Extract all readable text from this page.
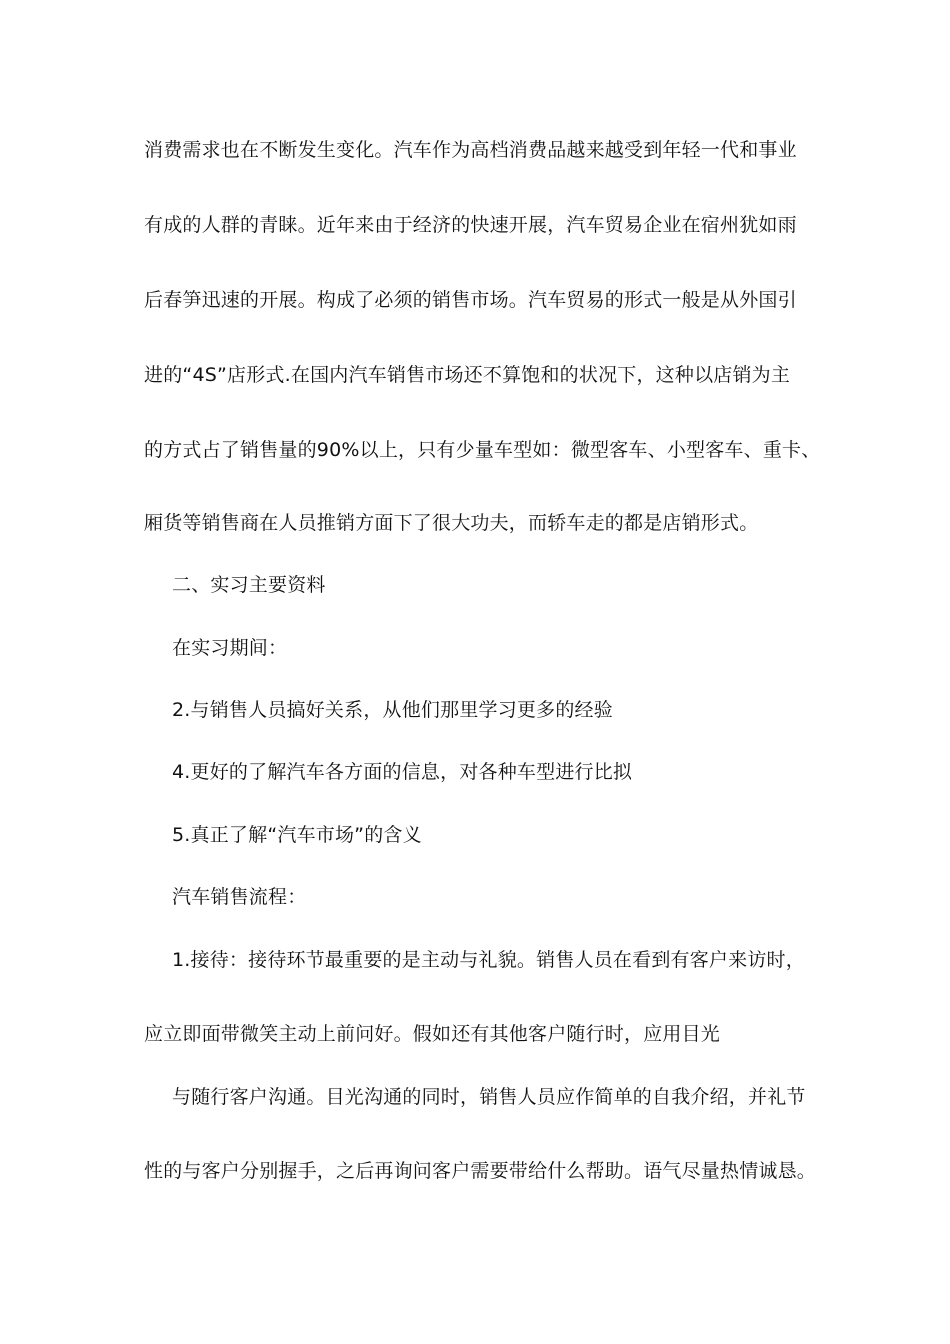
消费需求也在不断发生变化。汽车作为高档消费品越来越受到年轻一代和事业
有成的人群的青睐。近年来由于经济的快速开展，汽车贸易企业在宿州犹如雨
后春笋迅速的开展。构成了必须的销售市场。汽车贸易的形式一般是从外国引
进的“4S”店形式.在国内汽车销售市场还不算饱和的状况下，这种以店销为主
的方式占了销售量的90%以上，只有少量车型如：微型客车、小型客车、重卡、
厢货等销售商在人员推销方面下了很大功夫，而轿车走的都是店销形式。
二、实习主要资料
在实习期间：
2.与销售人员搞好关系，从他们那里学习更多的经验
4.更好的了解汽车各方面的信息，对各种车型进行比拟
5.真正了解“汽车市场”的含义
汽车销售流程：
1.接待：接待环节最重要的是主动与礼貌。销售人员在看到有客户来访时，
应立即面带微笑主动上前问好。假如还有其他客户随行时，应用目光
与随行客户沟通。目光沟通的同时，销售人员应作简单的自我介绍，并礼节
性的与客户分别握手，之后再询问客户需要带给什么帮助。语气尽量热情诚恳。
